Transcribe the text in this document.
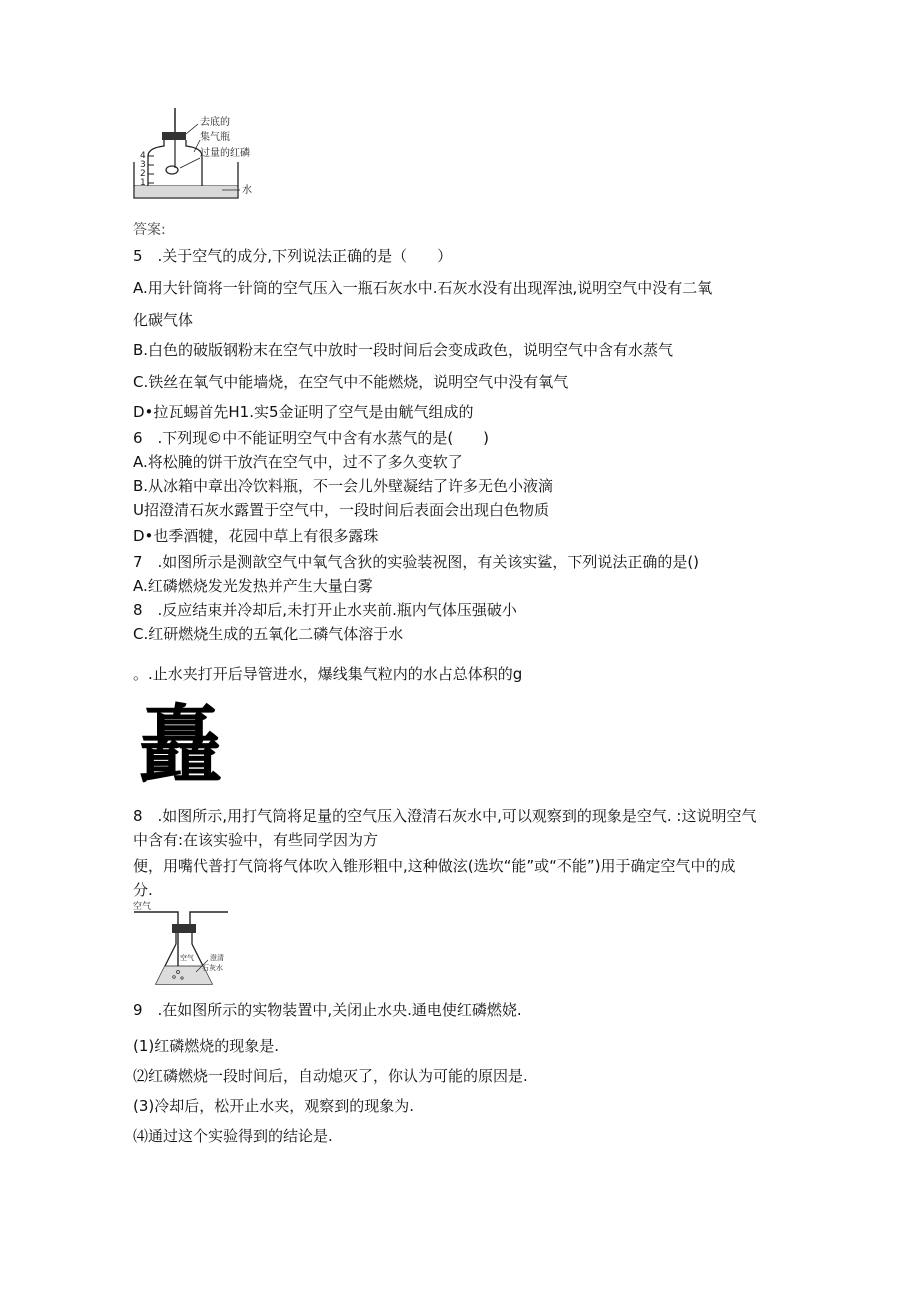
去底的
集气瓶
过量的红磷
水
4
3
2
1
答案:
5　.关于空气的成分,下列说法正确的是（　　）
A.用大针筒将一针筒的空气压入一瓶石灰水中.石灰水没有出现浑浊,说明空气中没有二氧
化碳气体
B.白色的破版钢粉末在空气中放时一段时间后会变成政色，说明空气中含有水蒸气
C.铁丝在氧气中能墙烧，在空气中不能燃烧，说明空气中没有氧气
D•拉瓦蜴首先H1.实5金证明了空气是由觥气组成的
6　.下列现©中不能证明空气中含有水蒸气的是(　　)
A.将松腌的饼干放汽在空气中，过不了多久变软了
B.从冰箱中章出冷饮料瓶，不一会儿外壁凝结了许多无色小液滴
U招澄清石灰水露置于空气中，一段时间后表面会出现白色物质
D•也季酒犍，花园中草上有很多露珠
7　.如图所示是测歆空气中氧气含狄的实验装祝图，有关该实鲨，下列说法正确的是()
A.红磷燃烧发光发热并产生大量白雾
8　.反应结束并冷却后,未打开止水夹前.瓶内气体压强破小
C.红研燃烧生成的五氧化二磷气体溶于水
。.止水夹打开后导管进水，爆线集气粒内的水占总体积的g
矗
8　.如图所示,用打气筒将足量的空气压入澄清石灰水中,可以观察到的现象是空气. :这说明空气
中含有:在该实验中，有些同学因为方
便，用嘴代普打气筒将气体吹入锥形粗中,这种做泫(选坎“能”或“不能”)用于确定空气中的成
分.
空气
空气 澄清
石灰水
9　.在如图所示的实物装置中,关闭止水央.通电使红磷燃娆.
(1)红磷燃烧的现象是.
⑵红磷燃烧一段时间后，自动熄灭了，你认为可能的原因是.
(3)冷却后，松开止水夹，观察到的现象为.
⑷通过这个实验得到的结论是.
